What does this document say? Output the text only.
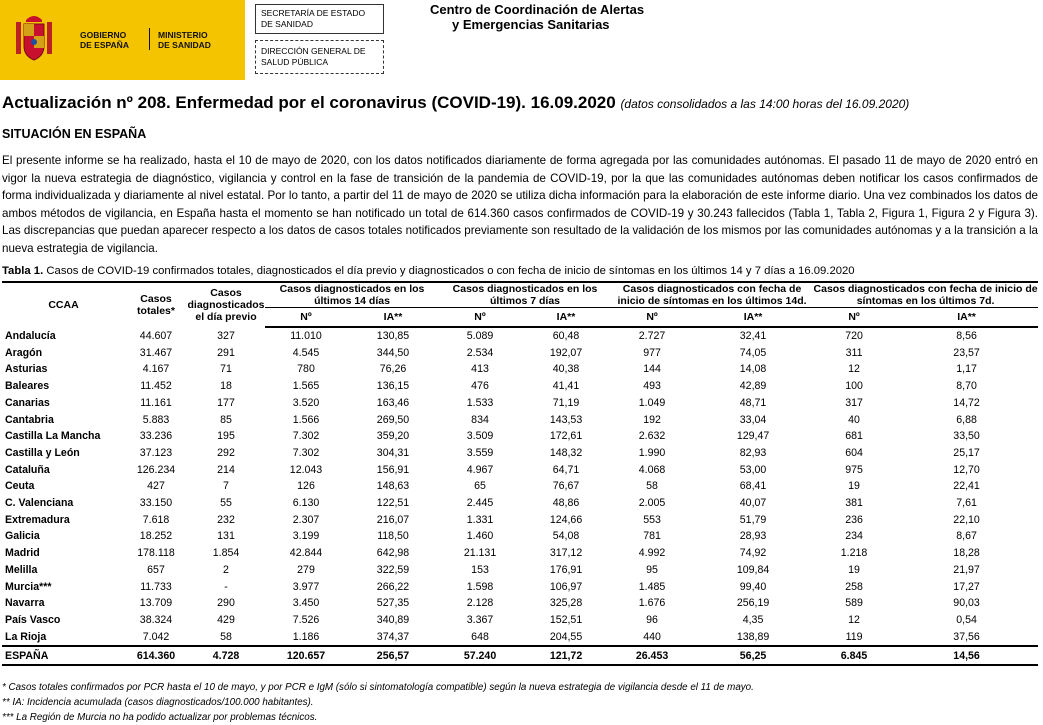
GOBIERNO
DE ESPAÑA
MINISTERIO
DE SANIDAD
SECRETARÍA DE ESTADO
DE SANIDAD
DIRECCIÓN GENERAL DE
SALUD PÚBLICA
Centro de Coordinación de Alertas
y Emergencias Sanitarias
Actualización nº 208. Enfermedad por el coronavirus (COVID-19). 16.09.2020 (datos consolidados a las 14:00 horas del 16.09.2020)
SITUACIÓN EN ESPAÑA
El presente informe se ha realizado, hasta el 10 de mayo de 2020, con los datos notificados diariamente de forma agregada por las comunidades autónomas. El pasado 11 de mayo de 2020 entró en vigor la nueva estrategia de diagnóstico, vigilancia y control en la fase de transición de la pandemia de COVID-19, por la que las comunidades autónomas deben notificar los casos confirmados de forma individualizada y diariamente al nivel estatal. Por lo tanto, a partir del 11 de mayo de 2020 se utiliza dicha información para la elaboración de este informe diario. Una vez combinados los datos de ambos métodos de vigilancia, en España hasta el momento se han notificado un total de 614.360 casos confirmados de COVID-19 y 30.243 fallecidos (Tabla 1, Tabla 2, Figura 1, Figura 2 y Figura 3). Las discrepancias que puedan aparecer respecto a los datos de casos totales notificados previamente son resultado de la validación de los mismos por las comunidades autónomas y a la transición a la nueva estrategia de vigilancia.
Tabla 1. Casos de COVID-19 confirmados totales, diagnosticados el día previo y diagnosticados o con fecha de inicio de síntomas en los últimos 14 y 7 días a 16.09.2020
CCAA	Casos totales*	Casos diagnosticados el día previo	Casos diagnosticados en los últimos 14 días		Casos diagnosticados en los últimos 7 días		Casos diagnosticados con fecha de inicio de síntomas en los últimos 14d.		Casos diagnosticados con fecha de inicio de síntomas en los últimos 7d.	
			Nº	IA**	Nº	IA**	Nº	IA**	Nº	IA**
Andalucía	44.607	327	11.010	130,85	5.089	60,48	2.727	32,41	720	8,56
Aragón	31.467	291	4.545	344,50	2.534	192,07	977	74,05	311	23,57
Asturias	4.167	71	780	76,26	413	40,38	144	14,08	12	1,17
Baleares	11.452	18	1.565	136,15	476	41,41	493	42,89	100	8,70
Canarias	11.161	177	3.520	163,46	1.533	71,19	1.049	48,71	317	14,72
Cantabria	5.883	85	1.566	269,50	834	143,53	192	33,04	40	6,88
Castilla La Mancha	33.236	195	7.302	359,20	3.509	172,61	2.632	129,47	681	33,50
Castilla y León	37.123	292	7.302	304,31	3.559	148,32	1.990	82,93	604	25,17
Cataluña	126.234	214	12.043	156,91	4.967	64,71	4.068	53,00	975	12,70
Ceuta	427	7	126	148,63	65	76,67	58	68,41	19	22,41
C. Valenciana	33.150	55	6.130	122,51	2.445	48,86	2.005	40,07	381	7,61
Extremadura	7.618	232	2.307	216,07	1.331	124,66	553	51,79	236	22,10
Galicia	18.252	131	3.199	118,50	1.460	54,08	781	28,93	234	8,67
Madrid	178.118	1.854	42.844	642,98	21.131	317,12	4.992	74,92	1.218	18,28
Melilla	657	2	279	322,59	153	176,91	95	109,84	19	21,97
Murcia***	11.733	-	3.977	266,22	1.598	106,97	1.485	99,40	258	17,27
Navarra	13.709	290	3.450	527,35	2.128	325,28	1.676	256,19	589	90,03
País Vasco	38.324	429	7.526	340,89	3.367	152,51	96	4,35	12	0,54
La Rioja	7.042	58	1.186	374,37	648	204,55	440	138,89	119	37,56
ESPAÑA	614.360	4.728	120.657	256,57	57.240	121,72	26.453	56,25	6.845	14,56
* Casos totales confirmados por PCR hasta el 10 de mayo, y por PCR e IgM (sólo si sintomatología compatible) según la nueva estrategia de vigilancia desde el 11 de mayo.
** IA: Incidencia acumulada (casos diagnosticados/100.000 habitantes).
*** La Región de Murcia no ha podido actualizar por problemas técnicos.
